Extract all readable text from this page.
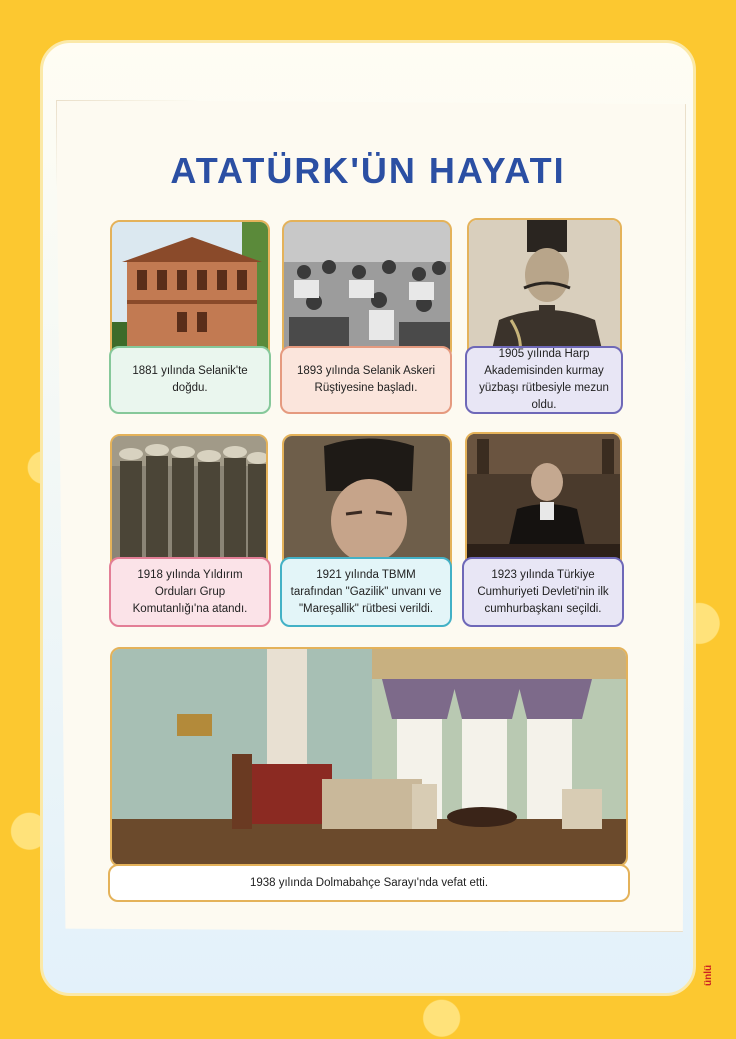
ATATÜRK'ÜN HAYATI
1881 yılında Selanik'te doğdu.
1893 yılında Selanik Askeri Rüştiyesine başladı.
1905 yılında Harp Akademisinden kurmay yüzbaşı rütbesiyle mezun oldu.
1918 yılında Yıldırım Orduları Grup Komutanlığı'na atandı.
1921 yılında TBMM tarafından "Gazilik" unvanı ve "Mareşallik" rütbesi verildi.
1923 yılında Türkiye Cumhuriyeti Devleti'nin ilk cumhurbaşkanı seçildi.
1938 yılında Dolmabahçe Sarayı'nda vefat etti.
ünlü
